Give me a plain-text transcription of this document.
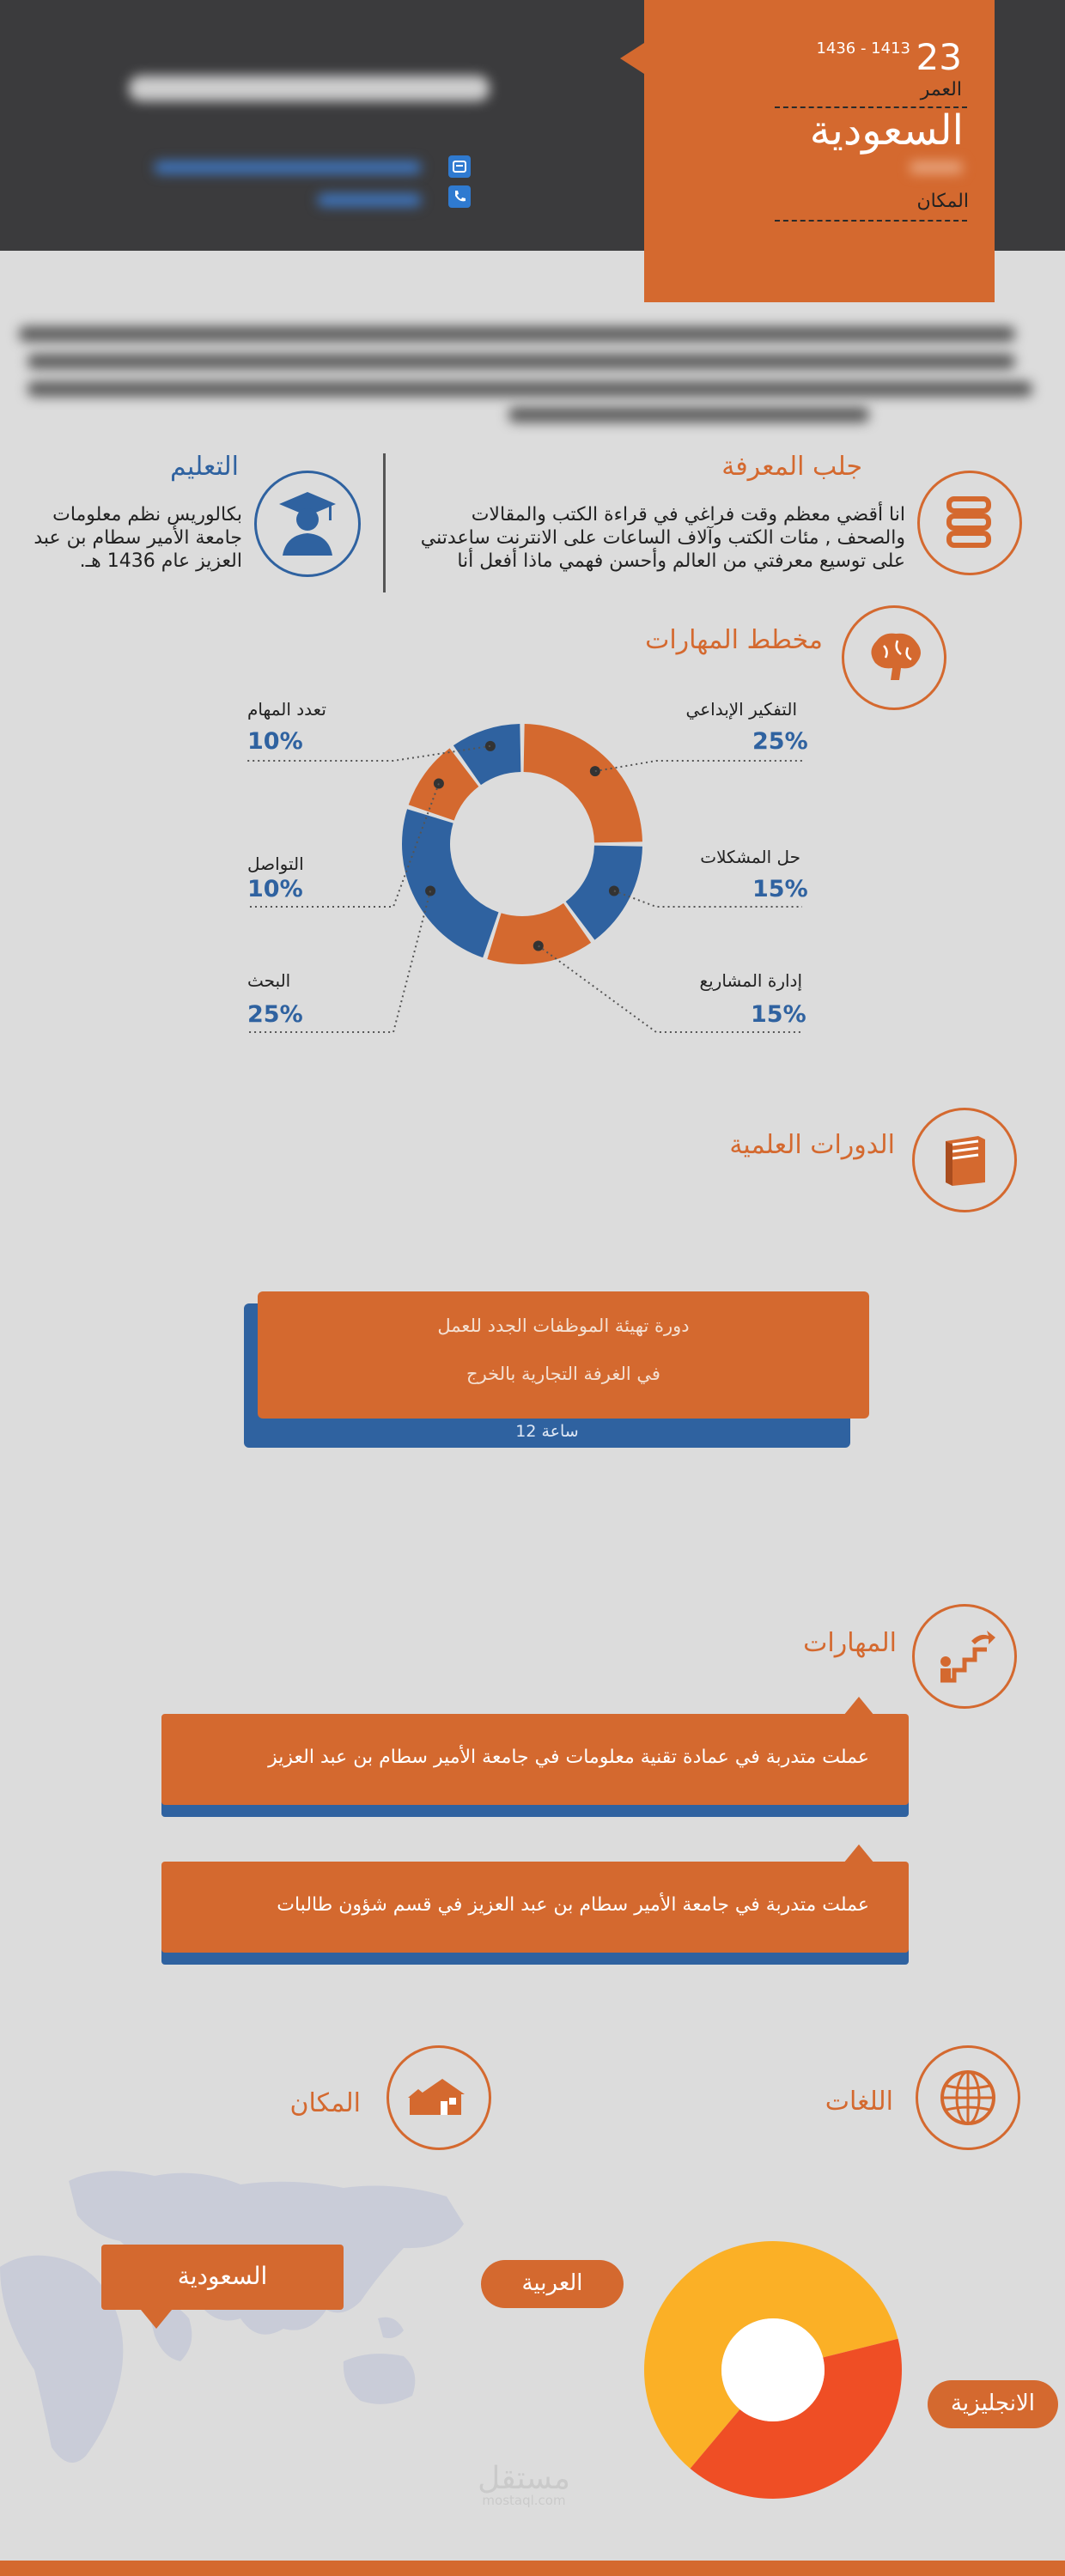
23
1436 - 1413
العمر
السعودية
المكان
جلب المعرفة
انا أقضي معظم وقت فراغي في قراءة الكتب والمقالات
والصحف , مئات الكتب وآلاف الساعات على الانترنت ساعدتني
على توسيع معرفتي من العالم وأحسن فهمي ماذا أفعل أنا
التعليم
بكالوريس نظم معلومات
جامعة الأمير سطام بن عبد
العزيز عام 1436 هـ.
مخطط المهارات
التفكير الإبداعي
25%
حل المشكلات
15%
إدارة المشاريع
15%
البحث
25%
التواصل
10%
تعدد المهام
10%
الدورات العلمية
12 ساعة
دورة تهيئة الموظفات الجدد للعمل
في الغرفة التجارية بالخرج
المهارات
عملت متدربة في عمادة تقنية معلومات في جامعة الأمير سطام بن عبد العزيز
عملت متدربة في جامعة الأمير سطام بن عبد العزيز في قسم شؤون طالبات
المكان	اللغات
السعودية	العربية
الانجليزية
مستقل
mostaql.com
